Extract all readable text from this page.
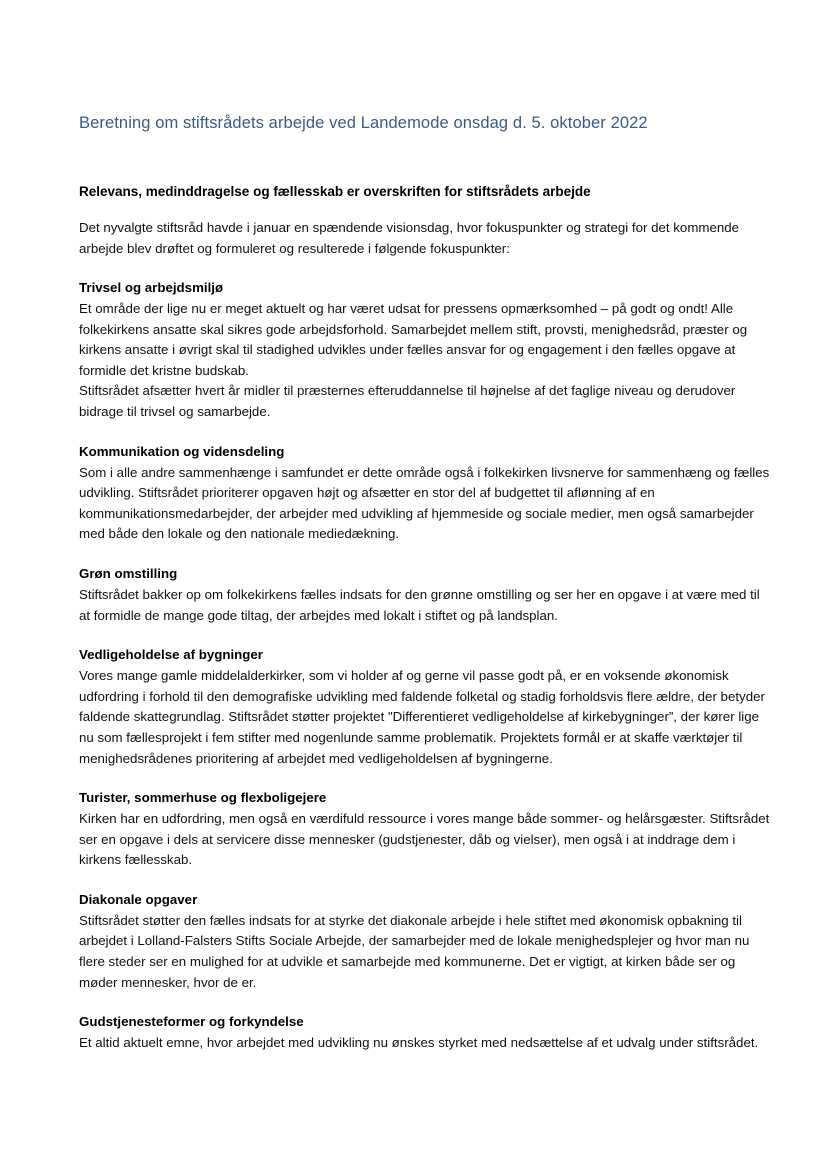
Beretning om stiftsrådets arbejde ved Landemode onsdag d. 5. oktober 2022
Relevans, medinddragelse og fællesskab er overskriften for stiftsrådets arbejde

Det nyvalgte stiftsråd havde i januar en spændende visionsdag, hvor fokuspunkter og strategi for det kommende arbejde blev drøftet og formuleret og resulterede i følgende fokuspunkter:

Trivsel og arbejdsmiljø

Et område der lige nu er meget aktuelt og har været udsat for pressens opmærksomhed – på godt og ondt! Alle folkekirkens ansatte skal sikres gode arbejdsforhold. Samarbejdet mellem stift, provsti, menighedsråd, præster og kirkens ansatte i øvrigt skal til stadighed udvikles under fælles ansvar for og engagement i den fælles opgave at formidle det kristne budskab.

Stiftsrådet afsætter hvert år midler til præsternes efteruddannelse til højnelse af det faglige niveau og derudover bidrage til trivsel og samarbejde.

Kommunikation og vidensdeling

Som i alle andre sammenhænge i samfundet er dette område også i folkekirken livsnerve for sammenhæng og fælles udvikling. Stiftsrådet prioriterer opgaven højt og afsætter en stor del af budgettet til aflønning af en kommunikationsmedarbejder, der arbejder med udvikling af hjemmeside og sociale medier, men også samarbejder med både den lokale og den nationale mediedækning.

Grøn omstilling

Stiftsrådet bakker op om folkekirkens fælles indsats for den grønne omstilling og ser her en opgave i at være med til at formidle de mange gode tiltag, der arbejdes med lokalt i stiftet og på landsplan.

Vedligeholdelse af bygninger

Vores mange gamle middelalderkirker, som vi holder af og gerne vil passe godt på, er en voksende økonomisk udfordring i forhold til den demografiske udvikling med faldende folketal og stadig forholdsvis flere ældre, der betyder faldende skattegrundlag. Stiftsrådet støtter projektet "Differentieret vedligeholdelse af kirkebygninger”, der kører lige nu som fællesprojekt i fem stifter med nogenlunde samme problematik. Projektets formål er at skaffe værktøjer til menighedsrådenes prioritering af arbejdet med vedligeholdelsen af bygningerne.

Turister, sommerhuse og flexboligejere

Kirken har en udfordring, men også en værdifuld ressource i vores mange både sommer- og helårsgæster. Stiftsrådet ser en opgave i dels at servicere disse mennesker (gudstjenester, dåb og vielser), men også i at inddrage dem i kirkens fællesskab.

Diakonale opgaver

Stiftsrådet støtter den fælles indsats for at styrke det diakonale arbejde i hele stiftet med økonomisk opbakning til arbejdet i Lolland-Falsters Stifts Sociale Arbejde, der samarbejder med de lokale menighedsplejer og hvor man nu flere steder ser en mulighed for at udvikle et samarbejde med kommunerne. Det er vigtigt, at kirken både ser og møder mennesker, hvor de er.

Gudstjenesteformer og forkyndelse

Et altid aktuelt emne, hvor arbejdet med udvikling nu ønskes styrket med nedsættelse af et udvalg under stiftsrådet.
